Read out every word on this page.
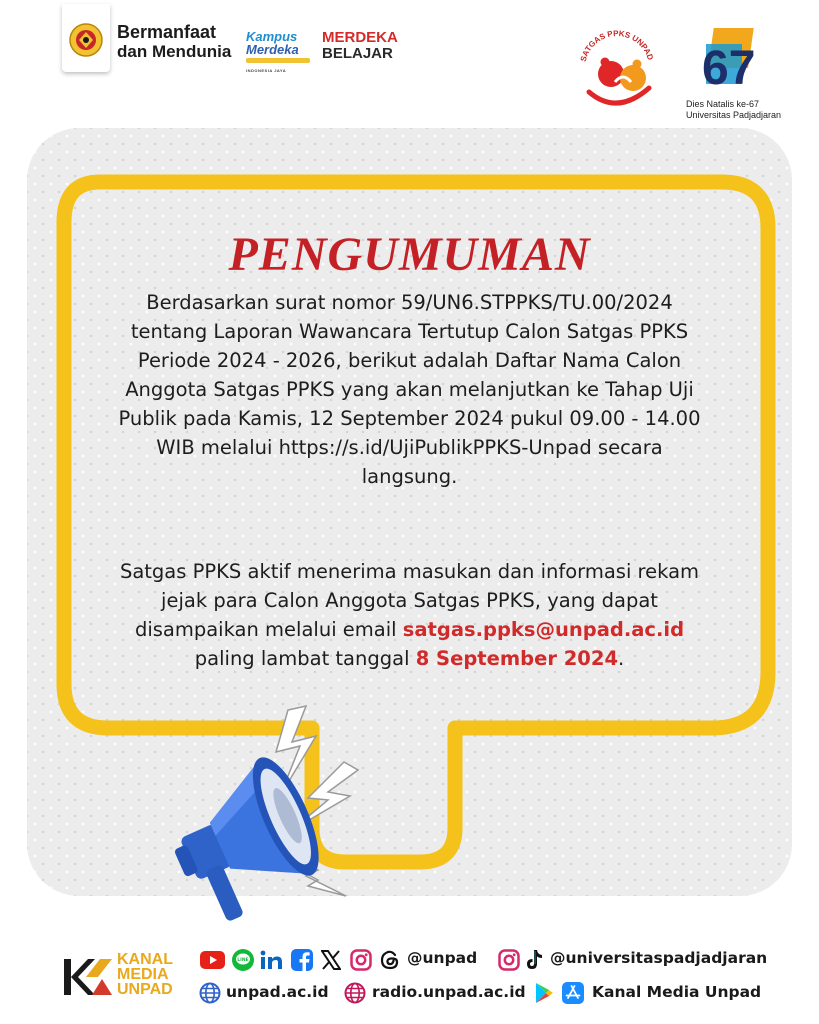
Bermanfaat
dan Mendunia
Kampus
Merdeka
INDONESIA JAYA
MERDEKA
BELAJAR	SATGAS PPKS UNPAD 67
Dies Natalis ke-67
Universitas Padjadjaran
PENGUMUMAN
Berdasarkan surat nomor 59/UN6.STPPKS/TU.00/2024 tentang Laporan Wawancara Tertutup Calon Satgas PPKS Periode 2024 - 2026, berikut adalah Daftar Nama Calon Anggota Satgas PPKS yang akan melanjutkan ke Tahap Uji Publik pada Kamis, 12 September 2024 pukul 09.00 - 14.00 WIB melalui https://s.id/UjiPublikPPKS-Unpad secara langsung.
Satgas PPKS aktif menerima masukan dan informasi rekam jejak para Calon Anggota Satgas PPKS, yang dapat disampaikan melalui email satgas.ppks@unpad.ac.id paling lambat tanggal 8 September 2024.
KANAL
MEDIA
UNPAD
LINE	@unpad	@universitaspadjadjaran
unpad.ac.id	radio.unpad.ac.id	Kanal Media Unpad
